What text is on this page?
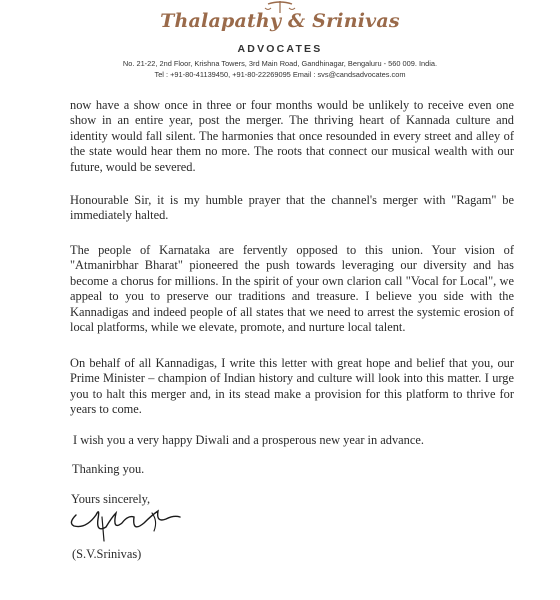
Thalapathy & Srinivas
ADVOCATES
No. 21-22, 2nd Floor, Krishna Towers, 3rd Main Road, Gandhinagar, Bengaluru - 560 009. India.
Tel : +91-80-41139450, +91-80-22269095 Email : svs@candsadvocates.com

now have a show once in three or four months would be unlikely to receive even one show in an entire year, post the merger. The thriving heart of Kannada culture and identity would fall silent. The harmonies that once resounded in every street and alley of the state would hear them no more. The roots that connect our musical wealth with our future, would be severed.

Honourable Sir, it is my humble prayer that the channel's merger with "Ragam" be immediately halted.

The people of Karnataka are fervently opposed to this union. Your vision of "Atmanirbhar Bharat" pioneered the push towards leveraging our diversity and has become a chorus for millions. In the spirit of your own clarion call "Vocal for Local", we appeal to you to preserve our traditions and treasure. I believe you side with the Kannadigas and indeed people of all states that we need to arrest the systemic erosion of local platforms, while we elevate, promote, and nurture local talent.

On behalf of all Kannadigas, I write this letter with great hope and belief that you, our Prime Minister – champion of Indian history and culture will look into this matter. I urge you to halt this merger and, in its stead make a provision for this platform to thrive for years to come.

I wish you a very happy Diwali and a prosperous new year in advance.

Thanking you.

Yours sincerely,

(S.V.Srinivas)
